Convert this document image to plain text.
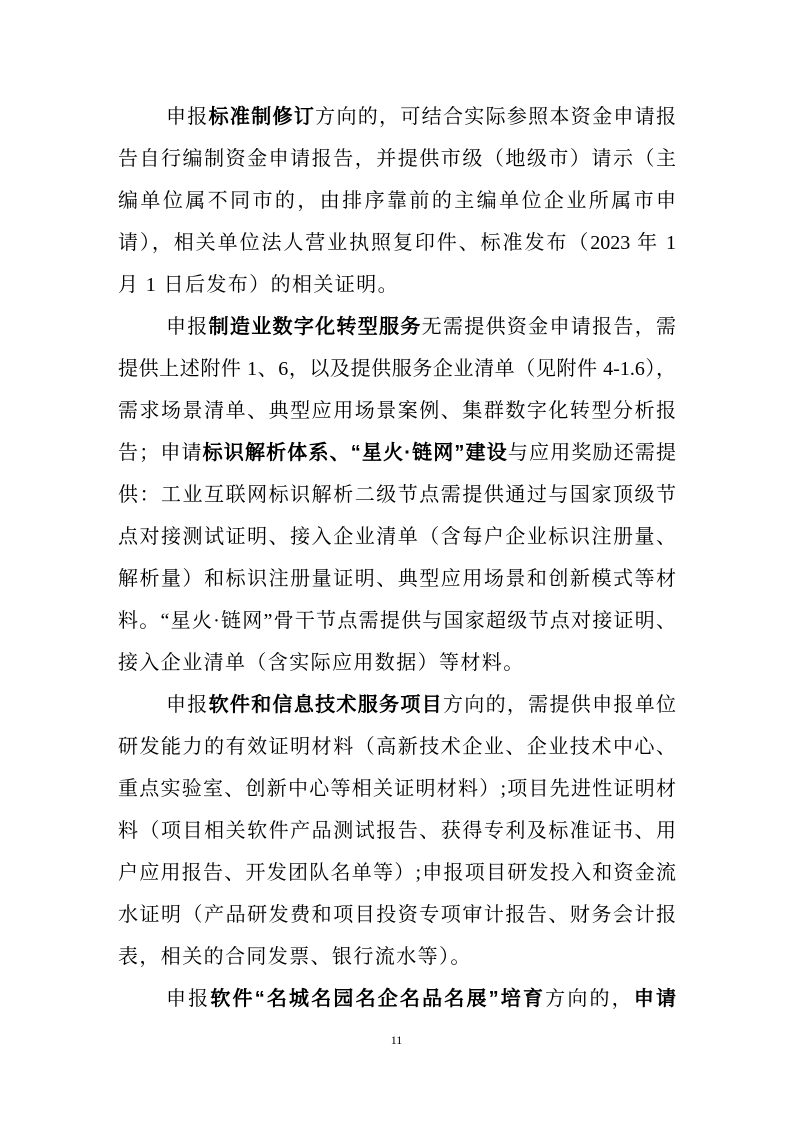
申报标准制修订方向的，可结合实际参照本资金申请报
告自行编制资金申请报告，并提供市级（地级市）请示（主
编单位属不同市的，由排序靠前的主编单位企业所属市申
请），相关单位法人营业执照复印件、标准发布（2023 年 1
月 1 日后发布）的相关证明。
申报制造业数字化转型服务无需提供资金申请报告，需
提供上述附件 1、6，以及提供服务企业清单（见附件 4-1.6），
需求场景清单、典型应用场景案例、集群数字化转型分析报
告；申请标识解析体系、“星火·链网”建设与应用奖励还需提
供：工业互联网标识解析二级节点需提供通过与国家顶级节
点对接测试证明、接入企业清单（含每户企业标识注册量、
解析量）和标识注册量证明、典型应用场景和创新模式等材
料。“星火·链网”骨干节点需提供与国家超级节点对接证明、
接入企业清单（含实际应用数据）等材料。
申报软件和信息技术服务项目方向的，需提供申报单位
研发能力的有效证明材料（高新技术企业、企业技术中心、
重点实验室、创新中心等相关证明材料）;项目先进性证明材
料（项目相关软件产品测试报告、获得专利及标准证书、用
户应用报告、开发团队名单等）;申报项目研发投入和资金流
水证明（产品研发费和项目投资专项审计报告、财务会计报
表，相关的合同发票、银行流水等）。
申报软件“名城名园名企名品名展”培育方向的，申请
11
